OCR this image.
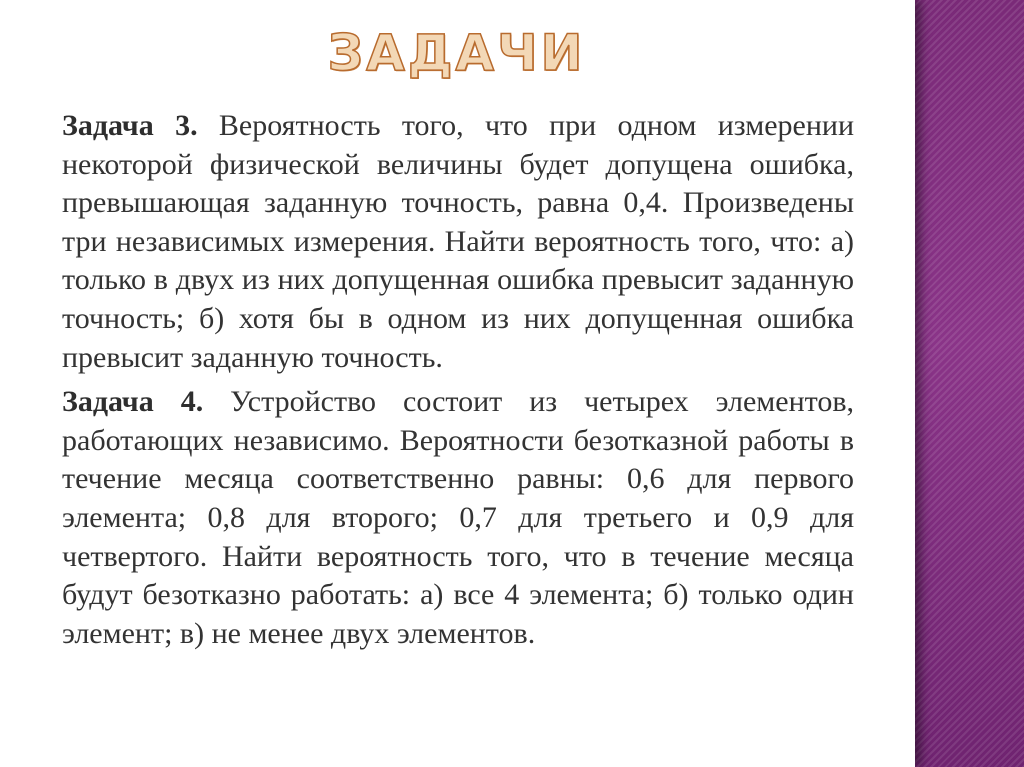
ЗАДАЧИ

Задача 3. Вероятность того, что при одном измерении некоторой физической величины будет допущена ошибка, превышающая заданную точность, равна 0,4. Произведены три независимых измерения. Найти вероятность того, что: а) только в двух из них допущенная ошибка превысит заданную точность; б) хотя бы в одном из них допущенная ошибка превысит заданную точность.

Задача 4. Устройство состоит из четырех элементов, работающих независимо. Вероятности безотказной работы в течение месяца соответственно равны: 0,6 для первого элемента; 0,8 для второго; 0,7 для третьего и 0,9 для четвертого. Найти вероятность того, что в течение месяца будут безотказно работать: а) все 4 элемента; б) только один элемент; в) не менее двух элементов.
